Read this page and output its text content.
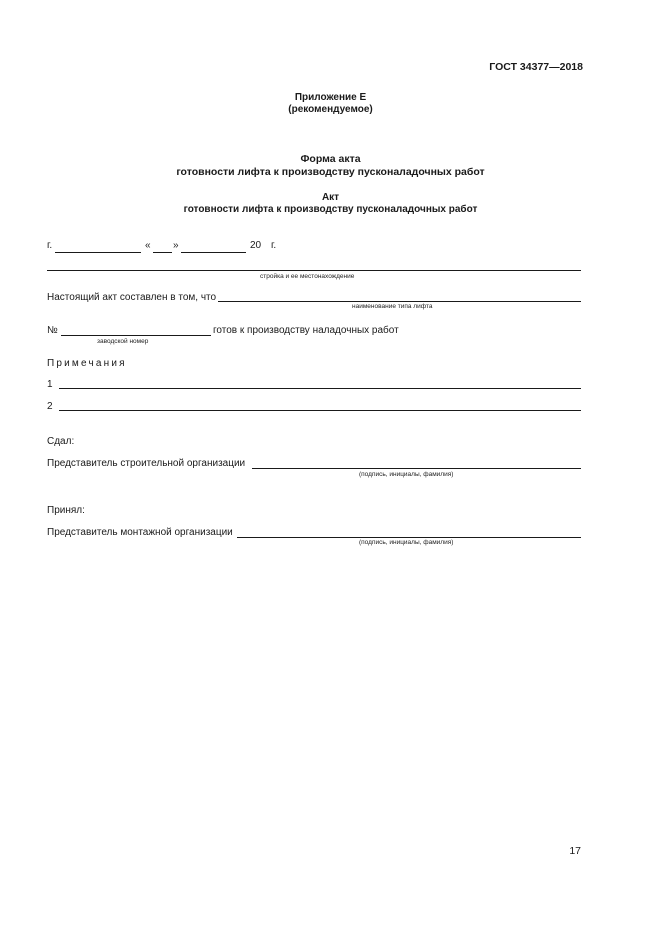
ГОСТ 34377—2018
Приложение Е
(рекомендуемое)
Форма акта
готовности лифта к производству пусконаладочных работ
Акт
готовности лифта к производству пусконаладочных работ
г.	« »	20 г.
стройка и ее местонахождение
Настоящий акт составлен в том, что
наименование типа лифта
№	готов к производству наладочных работ
заводской номер
Примечания
1
2
Сдал:
Представитель строительной организации
(подпись, инициалы, фамилия)
Принял:
Представитель монтажной организации
(подпись, инициалы, фамилия)
17
